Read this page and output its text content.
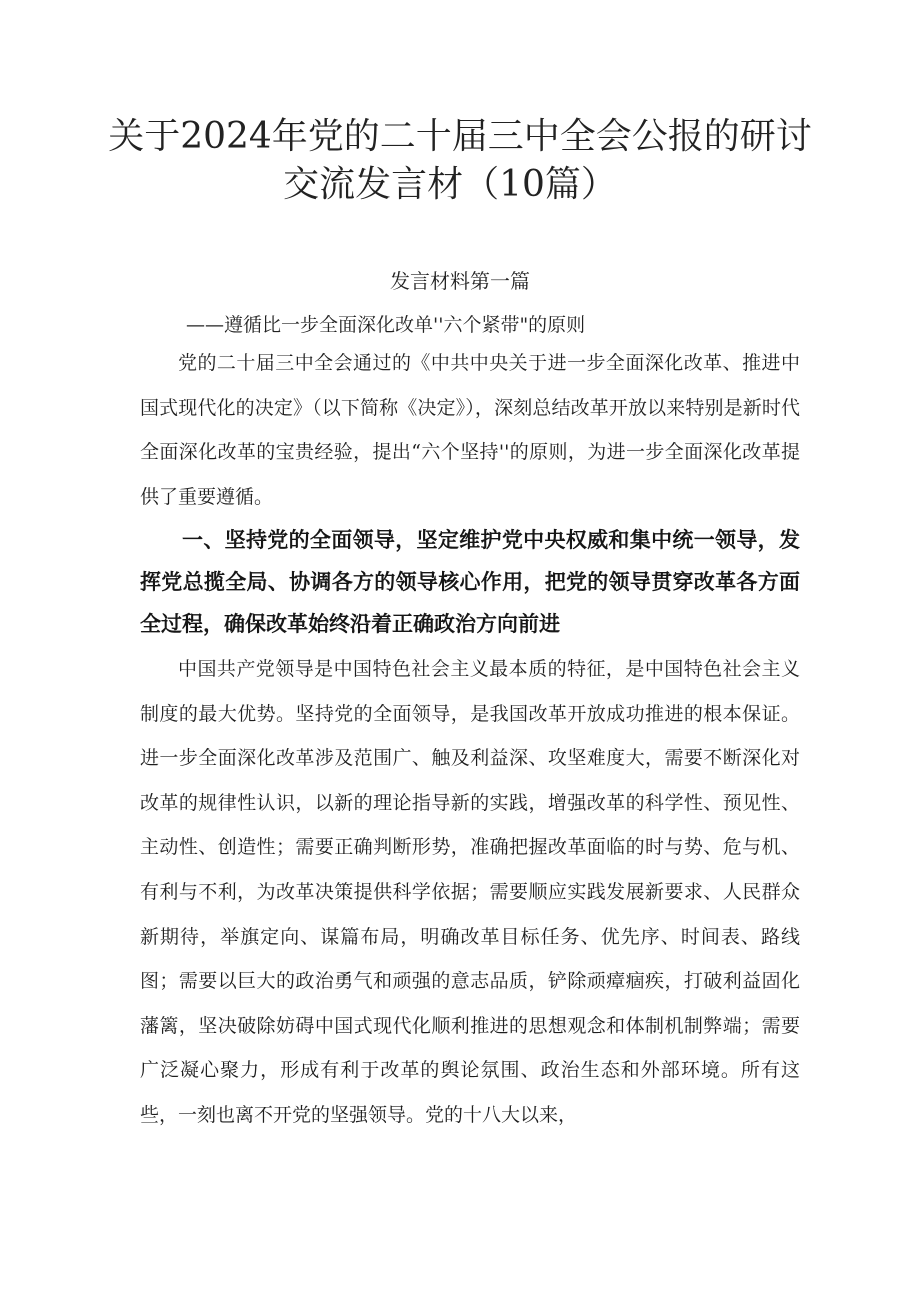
关于2024年党的二十届三中全会公报的研讨
交流发言材（10篇）
发言材料第一篇
——遵循比一步全面深化改单''六个紧带"的原则

党的二十届三中全会通过的《中共中央关于进一步全面深化改革、推进中国式现代化的决定》（以下简称《决定》），深刻总结改革开放以来特别是新时代全面深化改革的宝贵经验，提出“六个坚持''的原则，为进一步全面深化改革提供了重要遵循。

一、坚持党的全面领导，坚定维护党中央权威和集中统一领导，发挥党总揽全局、协调各方的领导核心作用，把党的领导贯穿改革各方面全过程，确保改革始终沿着正确政治方向前进

中国共产党领导是中国特色社会主义最本质的特征，是中国特色社会主义制度的最大优势。坚持党的全面领导，是我国改革开放成功推进的根本保证。进一步全面深化改革涉及范围广、触及利益深、攻坚难度大，需要不断深化对改革的规律性认识，以新的理论指导新的实践，增强改革的科学性、预见性、主动性、创造性；需要正确判断形势，准确把握改革面临的时与势、危与机、有利与不利，为改革决策提供科学依据；需要顺应实践发展新要求、人民群众新期待，举旗定向、谋篇布局，明确改革目标任务、优先序、时间表、路线图；需要以巨大的政治勇气和顽强的意志品质，铲除顽瘴痼疾，打破利益固化藩篱，坚决破除妨碍中国式现代化顺利推进的思想观念和体制机制弊端；需要广泛凝心聚力，形成有利于改革的舆论氛围、政治生态和外部环境。所有这些，一刻也离不开党的坚强领导。党的十八大以来，
